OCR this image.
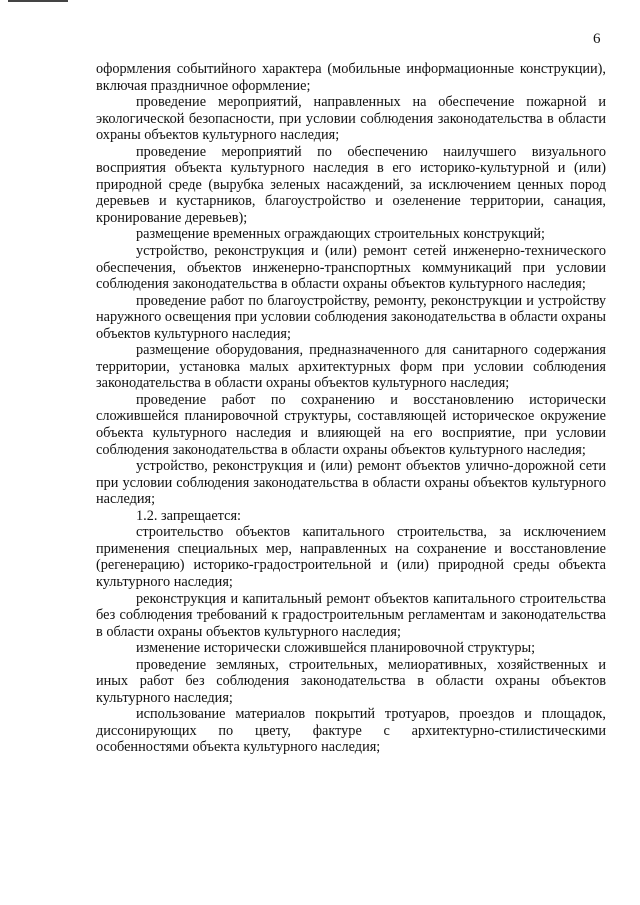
6

оформления событийного характера (мобильные информационные конструкции), включая праздничное оформление;

проведение мероприятий, направленных на обеспечение пожарной и экологической безопасности, при условии соблюдения законодательства в области охраны объектов культурного наследия;

проведение мероприятий по обеспечению наилучшего визуального восприятия объекта культурного наследия в его историко-культурной и (или) природной среде (вырубка зеленых насаждений, за исключением ценных пород деревьев и кустарников, благоустройство и озеленение территории, санация, кронирование деревьев);

размещение временных ограждающих строительных конструкций;

устройство, реконструкция и (или) ремонт сетей инженерно-технического обеспечения, объектов инженерно-транспортных коммуникаций при условии соблюдения законодательства в области охраны объектов культурного наследия;

проведение работ по благоустройству, ремонту, реконструкции и устройству наружного освещения при условии соблюдения законодательства в области охраны объектов культурного наследия;

размещение оборудования, предназначенного для санитарного содержания территории, установка малых архитектурных форм при условии соблюдения законодательства в области охраны объектов культурного наследия;

проведение работ по сохранению и восстановлению исторически сложившейся планировочной структуры, составляющей историческое окружение объекта культурного наследия и влияющей на его восприятие, при условии соблюдения законодательства в области охраны объектов культурного наследия;

устройство, реконструкция и (или) ремонт объектов улично-дорожной сети при условии соблюдения законодательства в области охраны объектов культурного наследия;

1.2. запрещается:

строительство объектов капитального строительства, за исключением применения специальных мер, направленных на сохранение и восстановление (регенерацию) историко-градостроительной и (или) природной среды объекта культурного наследия;

реконструкция и капитальный ремонт объектов капитального строительства без соблюдения требований к градостроительным регламентам и законодательства в области охраны объектов культурного наследия;

изменение исторически сложившейся планировочной структуры;

проведение земляных, строительных, мелиоративных, хозяйственных и иных работ без соблюдения законодательства в области охраны объектов культурного наследия;

использование материалов покрытий тротуаров, проездов и площадок, диссонирующих по цвету, фактуре с архитектурно-стилистическими особенностями объекта культурного наследия;
